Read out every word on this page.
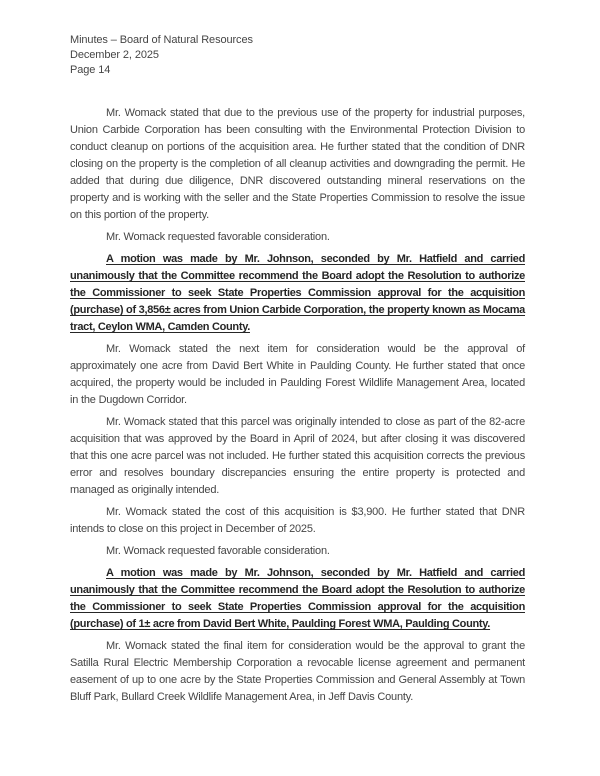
Minutes – Board of Natural Resources

December 2, 2025

Page 14

Mr. Womack stated that due to the previous use of the property for industrial purposes, Union Carbide Corporation has been consulting with the Environmental Protection Division to conduct cleanup on portions of the acquisition area. He further stated that the condition of DNR closing on the property is the completion of all cleanup activities and downgrading the permit. He added that during due diligence, DNR discovered outstanding mineral reservations on the property and is working with the seller and the State Properties Commission to resolve the issue on this portion of the property.

Mr. Womack requested favorable consideration.

A motion was made by Mr. Johnson, seconded by Mr. Hatfield and carried unanimously that the Committee recommend the Board adopt the Resolution to authorize the Commissioner to seek State Properties Commission approval for the acquisition (purchase) of 3,856± acres from Union Carbide Corporation, the property known as Mocama tract, Ceylon WMA, Camden County.

Mr. Womack stated the next item for consideration would be the approval of approximately one acre from David Bert White in Paulding County. He further stated that once acquired, the property would be included in Paulding Forest Wildlife Management Area, located in the Dugdown Corridor.

Mr. Womack stated that this parcel was originally intended to close as part of the 82-acre acquisition that was approved by the Board in April of 2024, but after closing it was discovered that this one acre parcel was not included. He further stated this acquisition corrects the previous error and resolves boundary discrepancies ensuring the entire property is protected and managed as originally intended.

Mr. Womack stated the cost of this acquisition is $3,900. He further stated that DNR intends to close on this project in December of 2025.

Mr. Womack requested favorable consideration.

A motion was made by Mr. Johnson, seconded by Mr. Hatfield and carried unanimously that the Committee recommend the Board adopt the Resolution to authorize the Commissioner to seek State Properties Commission approval for the acquisition (purchase) of 1± acre from David Bert White, Paulding Forest WMA, Paulding County.

Mr. Womack stated the final item for consideration would be the approval to grant the Satilla Rural Electric Membership Corporation a revocable license agreement and permanent easement of up to one acre by the State Properties Commission and General Assembly at Town Bluff Park, Bullard Creek Wildlife Management Area, in Jeff Davis County.
